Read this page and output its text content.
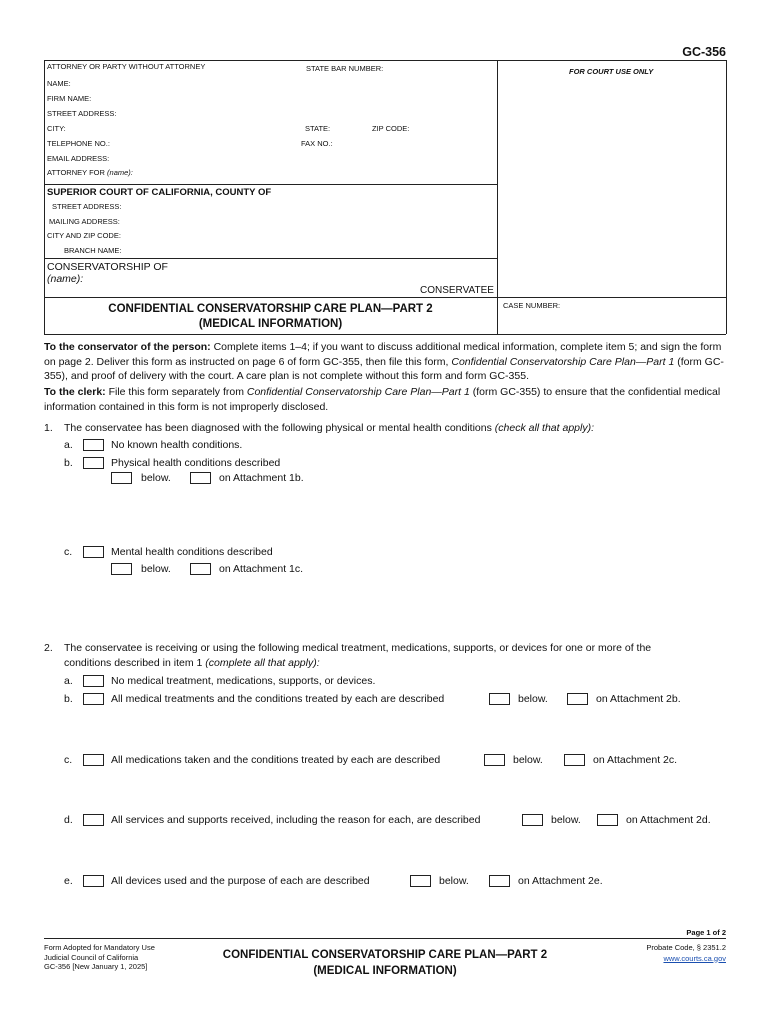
GC-356
ATTORNEY OR PARTY WITHOUT ATTORNEY	STATE BAR NUMBER:	FOR COURT USE ONLY
NAME:
FIRM NAME:
STREET ADDRESS:
CITY:	STATE:	ZIP CODE:
TELEPHONE NO.:	FAX NO.:
EMAIL ADDRESS:
ATTORNEY FOR (name):
SUPERIOR COURT OF CALIFORNIA, COUNTY OF
STREET ADDRESS:
MAILING ADDRESS:
CITY AND ZIP CODE:
BRANCH NAME:
CONSERVATORSHIP OF
(name):
CONSERVATEE
CONFIDENTIAL CONSERVATORSHIP CARE PLAN—PART 2
(MEDICAL INFORMATION)
CASE NUMBER:
To the conservator of the person: Complete items 1–4; if you want to discuss additional medical information, complete item 5; and sign the form on page 2. Deliver this form as instructed on page 6 of form GC-355, then file this form, Confidential Conservatorship Care Plan—Part 1 (form GC-355), and proof of delivery with the court. A care plan is not complete without this form and form GC-355.
To the clerk: File this form separately from Confidential Conservatorship Care Plan—Part 1 (form GC-355) to ensure that the confidential medical information contained in this form is not improperly disclosed.
1. The conservatee has been diagnosed with the following physical or mental health conditions (check all that apply):
a.	No known health conditions.
b.	Physical health conditions described
below.	on Attachment 1b.
c.	Mental health conditions described
below.	on Attachment 1c.
2. The conservatee is receiving or using the following medical treatment, medications, supports, or devices for one or more of the
conditions described in item 1 (complete all that apply):
a.	No medical treatment, medications, supports, or devices.
b.	All medical treatments and the conditions treated by each are described	below.	on Attachment 2b.
c.	All medications taken and the conditions treated by each are described	below.	on Attachment 2c.
d.	All services and supports received, including the reason for each, are described	below.	on Attachment 2d.
e.	All devices used and the purpose of each are described	below.	on Attachment 2e.
Page 1 of 2
Form Adopted for Mandatory Use
Judicial Council of California
GC-356 [New January 1, 2025]
CONFIDENTIAL CONSERVATORSHIP CARE PLAN—PART 2
(MEDICAL INFORMATION)
Probate Code, § 2351.2
www.courts.ca.gov
